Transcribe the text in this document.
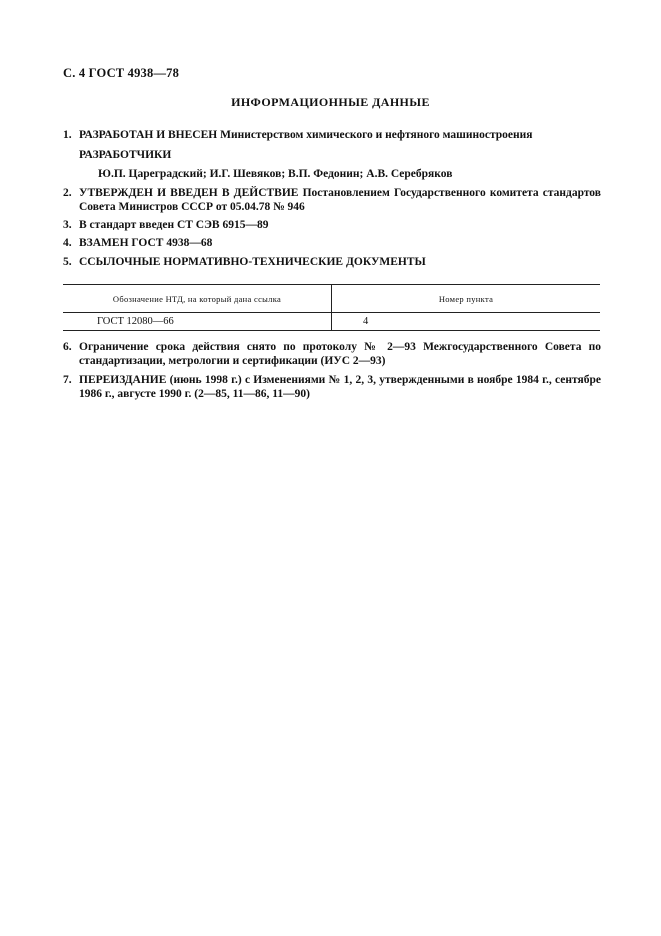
С. 4 ГОСТ 4938—78
ИНФОРМАЦИОННЫЕ ДАННЫЕ
1. РАЗРАБОТАН И ВНЕСЕН Министерством химического и нефтяного машиностроения
РАЗРАБОТЧИКИ
Ю.П. Цареградский; И.Г. Шевяков; В.П. Федонин; А.В. Серебряков
2. УТВЕРЖДЕН И ВВЕДЕН В ДЕЙСТВИЕ Постановлением Государственного комитета стандартов Совета Министров СССР от 05.04.78 № 946
3. В стандарт введен СТ СЭВ 6915—89
4. ВЗАМЕН ГОСТ 4938—68
5. ССЫЛОЧНЫЕ НОРМАТИВНО-ТЕХНИЧЕСКИЕ ДОКУМЕНТЫ
Обозначение НТД, на который дана ссылка	Номер пункта
ГОСТ 12080—66	4
6. Ограничение срока действия снято по протоколу № 2—93 Межгосударственного Совета по стандартизации, метрологии и сертификации (ИУС 2—93)
7. ПЕРЕИЗДАНИЕ (июнь 1998 г.) с Изменениями № 1, 2, 3, утвержденными в ноябре 1984 г., сентябре 1986 г., августе 1990 г. (2—85, 11—86, 11—90)
